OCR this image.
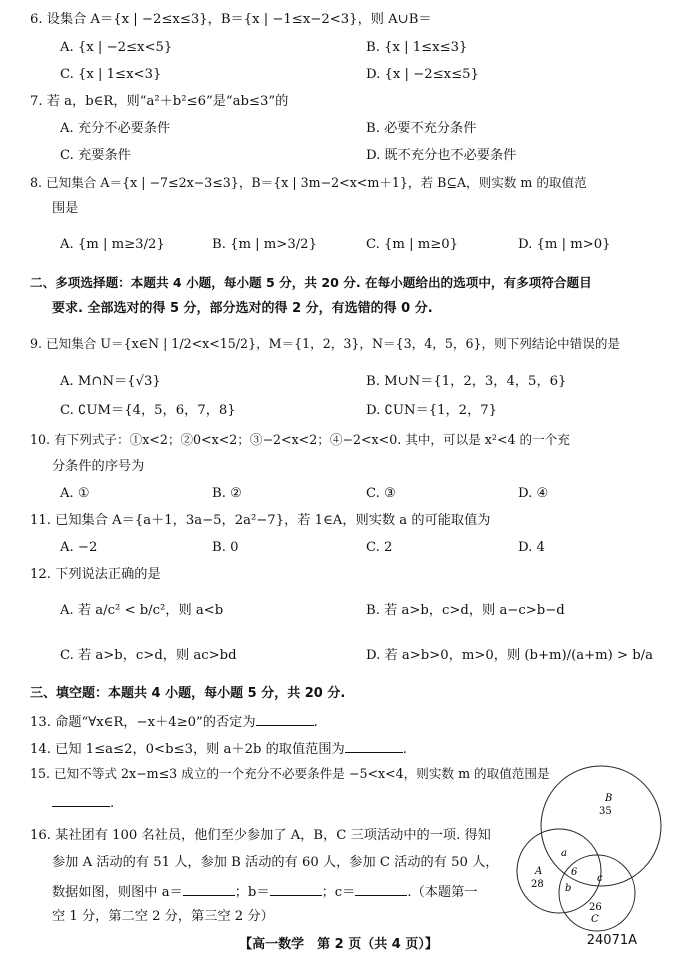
6. 设集合 A＝{x | −2≤x≤3}，B＝{x | −1≤x−2<3}，则 A∪B＝
A. {x | −2≤x<5}	B. {x | 1≤x≤3}
C. {x | 1≤x<3}	D. {x | −2≤x≤5}
7. 若 a，b∈R，则“a²＋b²≤6”是“ab≤3”的
A. 充分不必要条件	B. 必要不充分条件
C. 充要条件	D. 既不充分也不必要条件
8. 已知集合 A＝{x | −7≤2x−3≤3}，B＝{x | 3m−2<x<m＋1}，若 B⊆A，则实数 m 的取值范
围是
A. {m | m≥3/2}	B. {m | m>3/2}	C. {m | m≥0}	D. {m | m>0}
二、多项选择题：本题共 4 小题，每小题 5 分，共 20 分. 在每小题给出的选项中，有多项符合题目
要求. 全部选对的得 5 分，部分选对的得 2 分，有选错的得 0 分.
9. 已知集合 U＝{x∈N | 1/2<x<15/2}，M＝{1，2，3}，N＝{3，4，5，6}，则下列结论中错误的是
A. M∩N＝{√3}	B. M∪N＝{1，2，3，4，5，6}
C. ∁UM＝{4，5，6，7，8}	D. ∁UN＝{1，2，7}
10. 有下列式子：①x<2；②0<x<2；③−2<x<2；④−2<x<0. 其中，可以是 x²<4 的一个充
分条件的序号为
A. ①	B. ②	C. ③	D. ④
11. 已知集合 A＝{a＋1，3a−5，2a²−7}，若 1∈A，则实数 a 的可能取值为
A. −2	B. 0	C. 2	D. 4
12. 下列说法正确的是
A. 若 a/c² < b/c²，则 a<b	B. 若 a>b，c>d，则 a−c>b−d
C. 若 a>b，c>d，则 ac>bd	D. 若 a>b>0，m>0，则 (b+m)/(a+m) > b/a
三、填空题：本题共 4 小题，每小题 5 分，共 20 分.
13. 命题“∀x∈R，−x＋4≥0”的否定为	.
14. 已知 1≤a≤2，0<b≤3，则 a＋2b 的取值范围为	.
15. 已知不等式 2x−m≤3 成立的一个充分不必要条件是 −5<x<4，则实数 m 的取值范围是
.
16. 某社团有 100 名社员，他们至少参加了 A，B，C 三项活动中的一项. 得知
参加 A 活动的有 51 人，参加 B 活动的有 60 人，参加 C 活动的有 50 人，
数据如图，则图中 a＝	；b＝	；c＝	.（本题第一
空 1 分，第二空 2 分，第三空 2 分）
B
35
A
28
a
6
b
c
26
C
【高一数学　第 2 页（共 4 页）】	24071A
